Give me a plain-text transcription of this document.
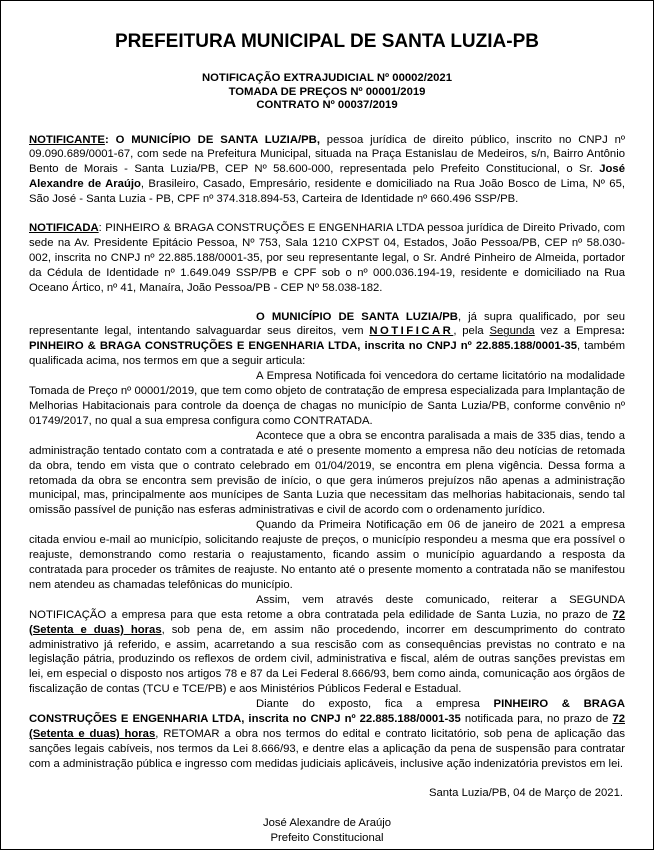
PREFEITURA MUNICIPAL DE SANTA LUZIA-PB
NOTIFICAÇÃO EXTRAJUDICIAL Nº 00002/2021
TOMADA DE PREÇOS Nº 00001/2019
CONTRATO Nº 00037/2019

NOTIFICANTE: O MUNICÍPIO DE SANTA LUZIA/PB, pessoa jurídica de direito público, inscrito no CNPJ nº 09.090.689/0001-67, com sede na Prefeitura Municipal, situada na Praça Estanislau de Medeiros, s/n, Bairro Antônio Bento de Morais - Santa Luzia/PB, CEP Nº 58.600-000, representada pelo Prefeito Constitucional, o Sr. José Alexandre de Araújo, Brasileiro, Casado, Empresário, residente e domiciliado na Rua João Bosco de Lima, Nº 65, São José - Santa Luzia - PB, CPF nº 374.318.894-53, Carteira de Identidade nº 660.496 SSP/PB.

NOTIFICADA: PINHEIRO & BRAGA CONSTRUÇÕES E ENGENHARIA LTDA pessoa jurídica de Direito Privado, com sede na Av. Presidente Epitácio Pessoa, Nº 753, Sala 1210 CXPST 04, Estados, João Pessoa/PB, CEP nº 58.030-002, inscrita no CNPJ nº 22.885.188/0001-35, por seu representante legal, o Sr. André Pinheiro de Almeida, portador da Cédula de Identidade nº 1.649.049 SSP/PB e CPF sob o nº 000.036.194-19, residente e domiciliado na Rua Oceano Ártico, nº 41, Manaíra, João Pessoa/PB - CEP Nº 58.038-182.

O MUNICÍPIO DE SANTA LUZIA/PB, já supra qualificado, por seu representante legal, intentando salvaguardar seus direitos, vem NOTIFICAR, pela Segunda vez a Empresa: PINHEIRO & BRAGA CONSTRUÇÕES E ENGENHARIA LTDA, inscrita no CNPJ nº 22.885.188/0001-35, também qualificada acima, nos termos em que a seguir articula:

A Empresa Notificada foi vencedora do certame licitatório na modalidade Tomada de Preço nº 00001/2019, que tem como objeto de contratação de empresa especializada para Implantação de Melhorias Habitacionais para controle da doença de chagas no município de Santa Luzia/PB, conforme convênio nº 01749/2017, no qual a sua empresa configura como CONTRATADA.

Acontece que a obra se encontra paralisada a mais de 335 dias, tendo a administração tentado contato com a contratada e até o presente momento a empresa não deu notícias de retomada da obra, tendo em vista que o contrato celebrado em 01/04/2019, se encontra em plena vigência. Dessa forma a retomada da obra se encontra sem previsão de início, o que gera inúmeros prejuízos não apenas a administração municipal, mas, principalmente aos munícipes de Santa Luzia que necessitam das melhorias habitacionais, sendo tal omissão passível de punição nas esferas administrativas e civil de acordo com o ordenamento jurídico.

Quando da Primeira Notificação em 06 de janeiro de 2021 a empresa citada enviou e-mail ao município, solicitando reajuste de preços, o município respondeu a mesma que era possível o reajuste, demonstrando como restaria o reajustamento, ficando assim o município aguardando a resposta da contratada para proceder os trâmites de reajuste. No entanto até o presente momento a contratada não se manifestou nem atendeu as chamadas telefônicas do município.

Assim, vem através deste comunicado, reiterar a SEGUNDA NOTIFICAÇÃO a empresa para que esta retome a obra contratada pela edilidade de Santa Luzia, no prazo de 72 (Setenta e duas) horas, sob pena de, em assim não procedendo, incorrer em descumprimento do contrato administrativo já referido, e assim, acarretando a sua rescisão com as consequências previstas no contrato e na legislação pátria, produzindo os reflexos de ordem civil, administrativa e fiscal, além de outras sanções previstas em lei, em especial o disposto nos artigos 78 e 87 da Lei Federal 8.666/93, bem como ainda, comunicação aos órgãos de fiscalização de contas (TCU e TCE/PB) e aos Ministérios Públicos Federal e Estadual.

Diante do exposto, fica a empresa PINHEIRO & BRAGA CONSTRUÇÕES E ENGENHARIA LTDA, inscrita no CNPJ nº 22.885.188/0001-35 notificada para, no prazo de 72 (Setenta e duas) horas, RETOMAR a obra nos termos do edital e contrato licitatório, sob pena de aplicação das sanções legais cabíveis, nos termos da Lei 8.666/93, e dentre elas a aplicação da pena de suspensão para contratar com a administração pública e ingresso com medidas judiciais aplicáveis, inclusive ação indenizatória previstos em lei.

Santa Luzia/PB, 04 de Março de 2021.
José Alexandre de Araújo
Prefeito Constitucional
